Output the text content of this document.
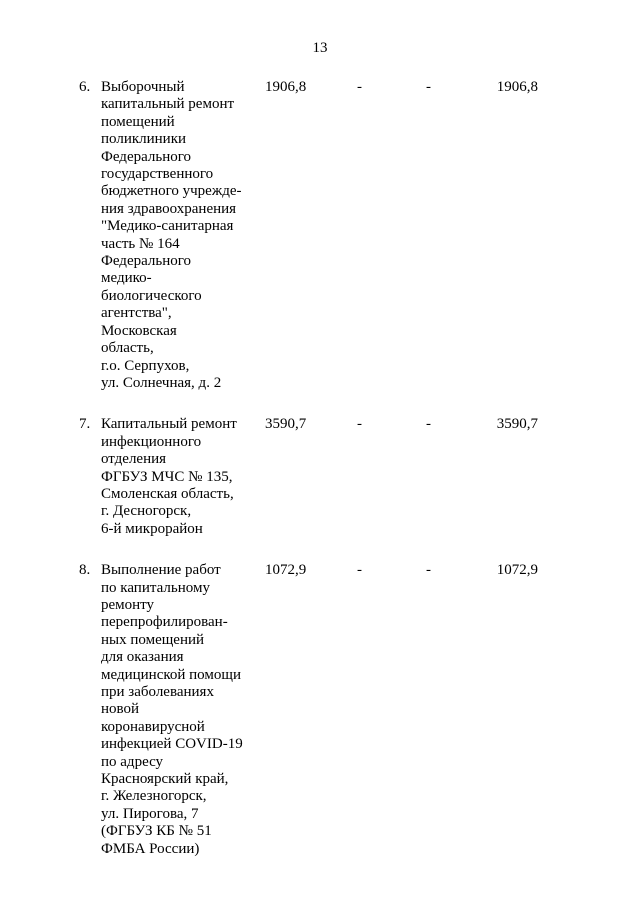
13
6. Выборочный
капитальный ремонт
помещений
поликлиники
Федерального
государственного
бюджетного учрежде-
ния здравоохранения
"Медико-санитарная
часть № 164
Федерального
медико-
биологического
агентства",
Московская
область,
г.о. Серпухов,
ул. Солнечная, д. 2
1906,8	-	-	1906,8
7. Капитальный ремонт
инфекционного
отделения
ФГБУЗ МЧС № 135,
Смоленская область,
г. Десногорск,
6-й микрорайон
3590,7	-	-	3590,7
8. Выполнение работ
по капитальному
ремонту
перепрофилирован-
ных помещений
для оказания
медицинской помощи
при заболеваниях
новой
коронавирусной
инфекцией COVID-19
по адресу
Красноярский край,
г. Железногорск,
ул. Пирогова, 7
(ФГБУЗ КБ № 51
ФМБА России)
1072,9	-	-	1072,9
